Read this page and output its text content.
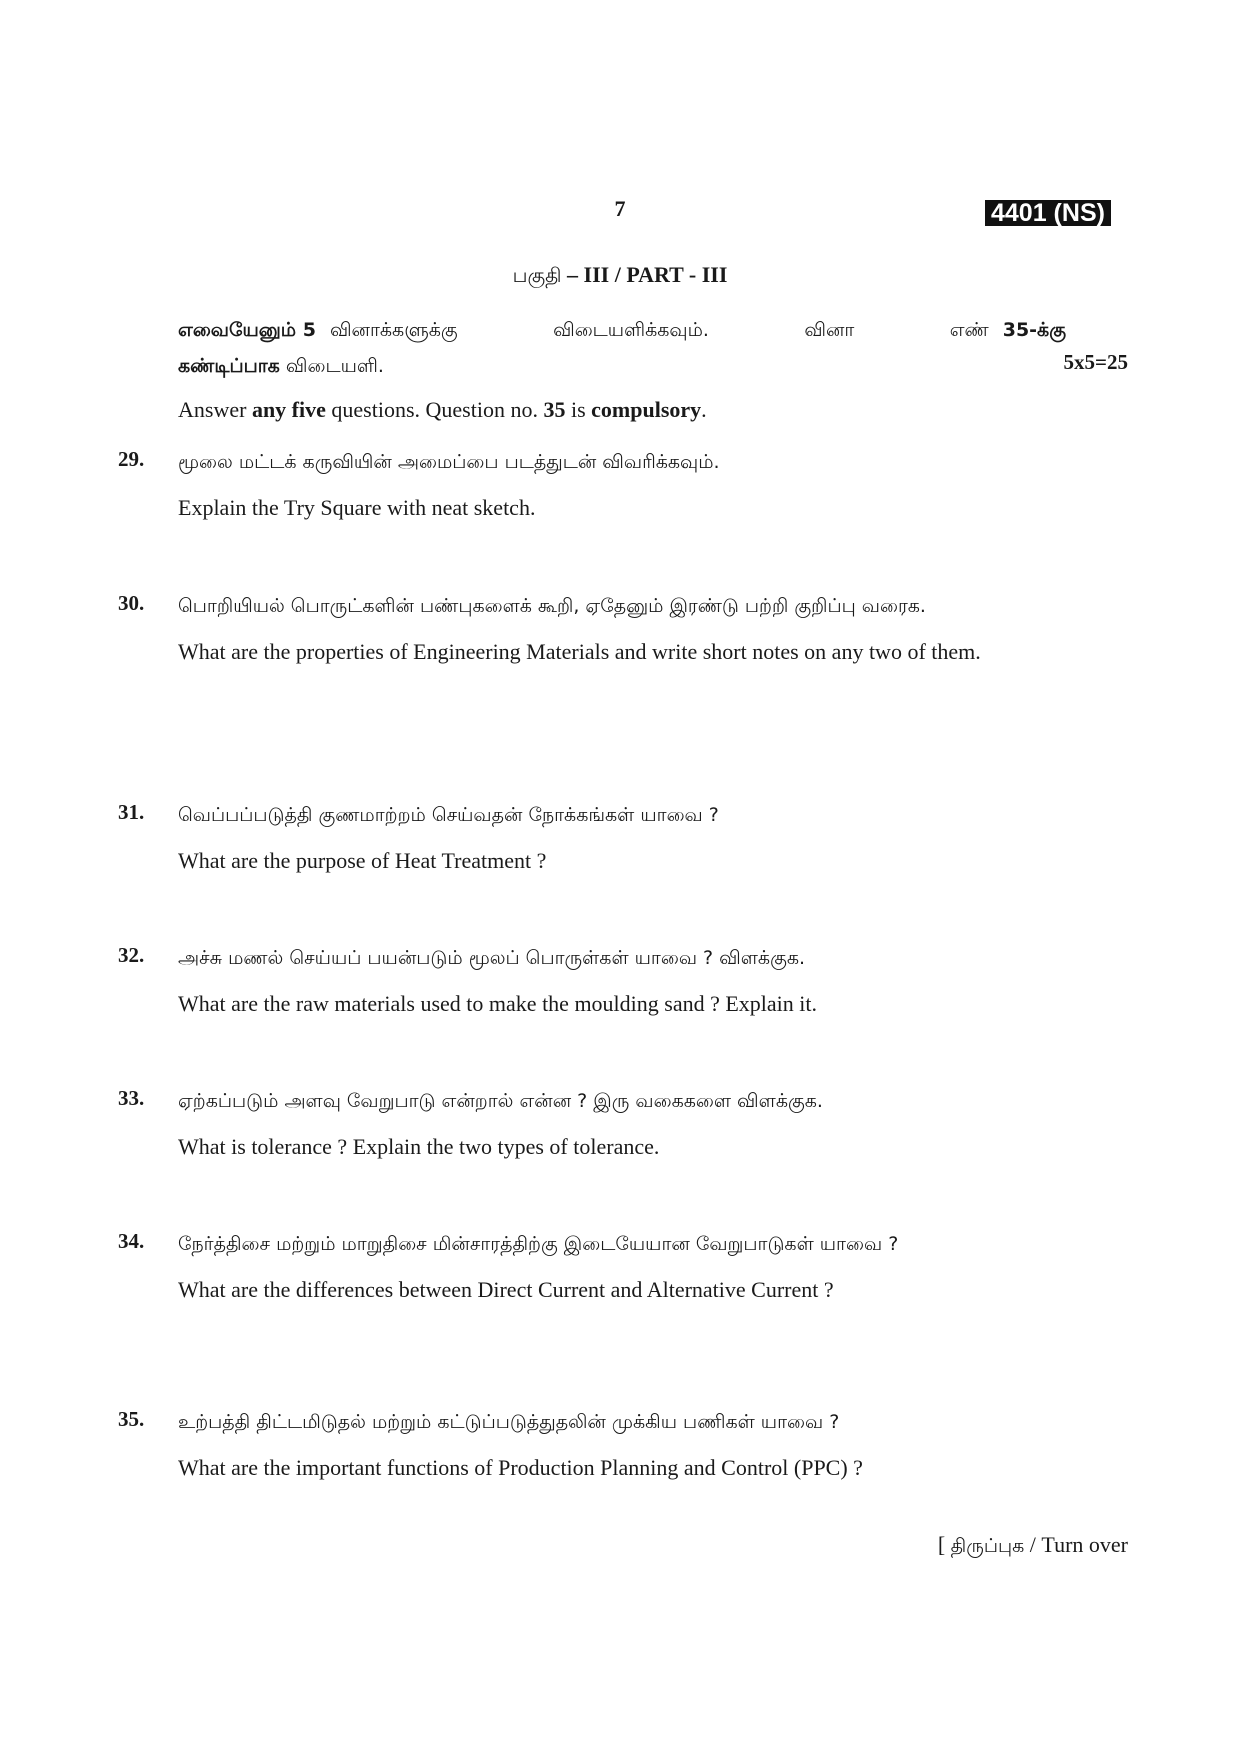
7	4401 (NS)
பகுதி – III / PART - III
எவையேனும் 5 வினாக்களுக்கு விடையளிக்கவும். வினா எண் 35-க்கு
கண்டிப்பாக விடையளி.	5x5=25
Answer any five questions. Question no. 35 is compulsory.
29. மூலை மட்டக் கருவியின் அமைப்பை படத்துடன் விவரிக்கவும்.
Explain the Try Square with neat sketch.
30. பொறியியல் பொருட்களின் பண்புகளைக் கூறி, ஏதேனும் இரண்டு பற்றி குறிப்பு வரைக.
What are the properties of Engineering Materials and write short notes on any two of them.
31. வெப்பப்படுத்தி குணமாற்றம் செய்வதன் நோக்கங்கள் யாவை ?
What are the purpose of Heat Treatment ?
32. அச்சு மணல் செய்யப் பயன்படும் மூலப் பொருள்கள் யாவை ? விளக்குக.
What are the raw materials used to make the moulding sand ? Explain it.
33. ஏற்கப்படும் அளவு வேறுபாடு என்றால் என்ன ? இரு வகைகளை விளக்குக.
What is tolerance ? Explain the two types of tolerance.
34. நேர்த்திசை மற்றும் மாறுதிசை மின்சாரத்திற்கு இடையேயான வேறுபாடுகள் யாவை ?
What are the differences between Direct Current and Alternative Current ?
35. உற்பத்தி திட்டமிடுதல் மற்றும் கட்டுப்படுத்துதலின் முக்கிய பணிகள் யாவை ?
What are the important functions of Production Planning and Control (PPC) ?
[ திருப்புக / Turn over
